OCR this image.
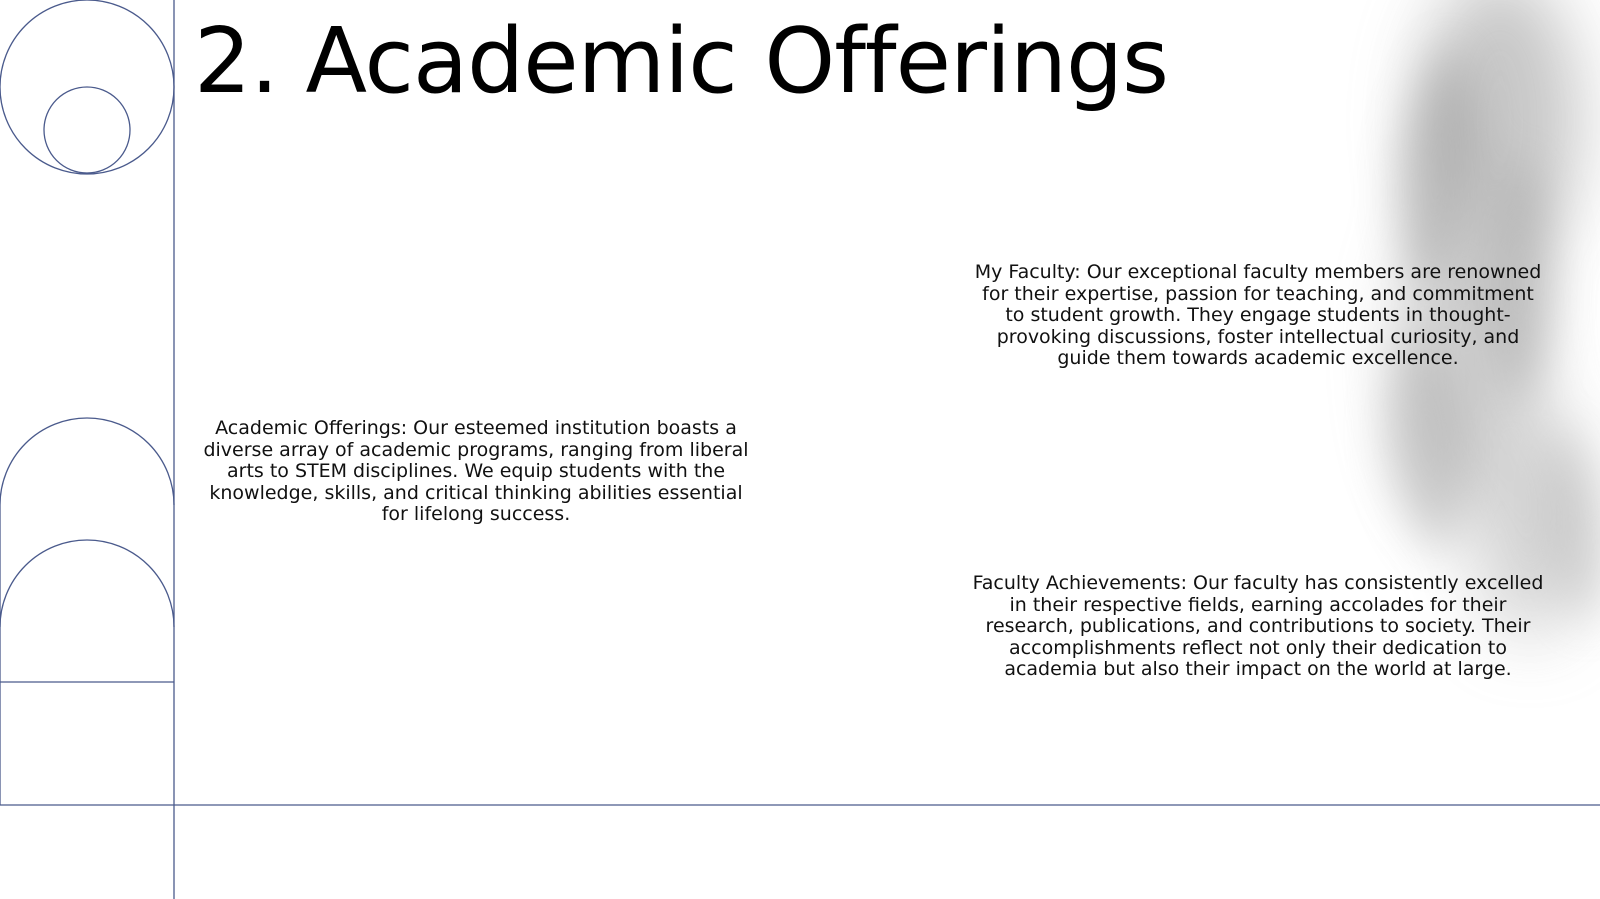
2. Academic Offerings

Academic Offerings: Our esteemed institution boasts a diverse array of academic programs, ranging from liberal arts to STEM disciplines. We equip students with the knowledge, skills, and critical thinking abilities essential for lifelong success.

My Faculty: Our exceptional faculty members are renowned for their expertise, passion for teaching, and commitment to student growth. They engage students in thought-provoking discussions, foster intellectual curiosity, and guide them towards academic excellence.

Faculty Achievements: Our faculty has consistently excelled in their respective fields, earning accolades for their research, publications, and contributions to society. Their accomplishments reflect not only their dedication to academia but also their impact on the world at large.
